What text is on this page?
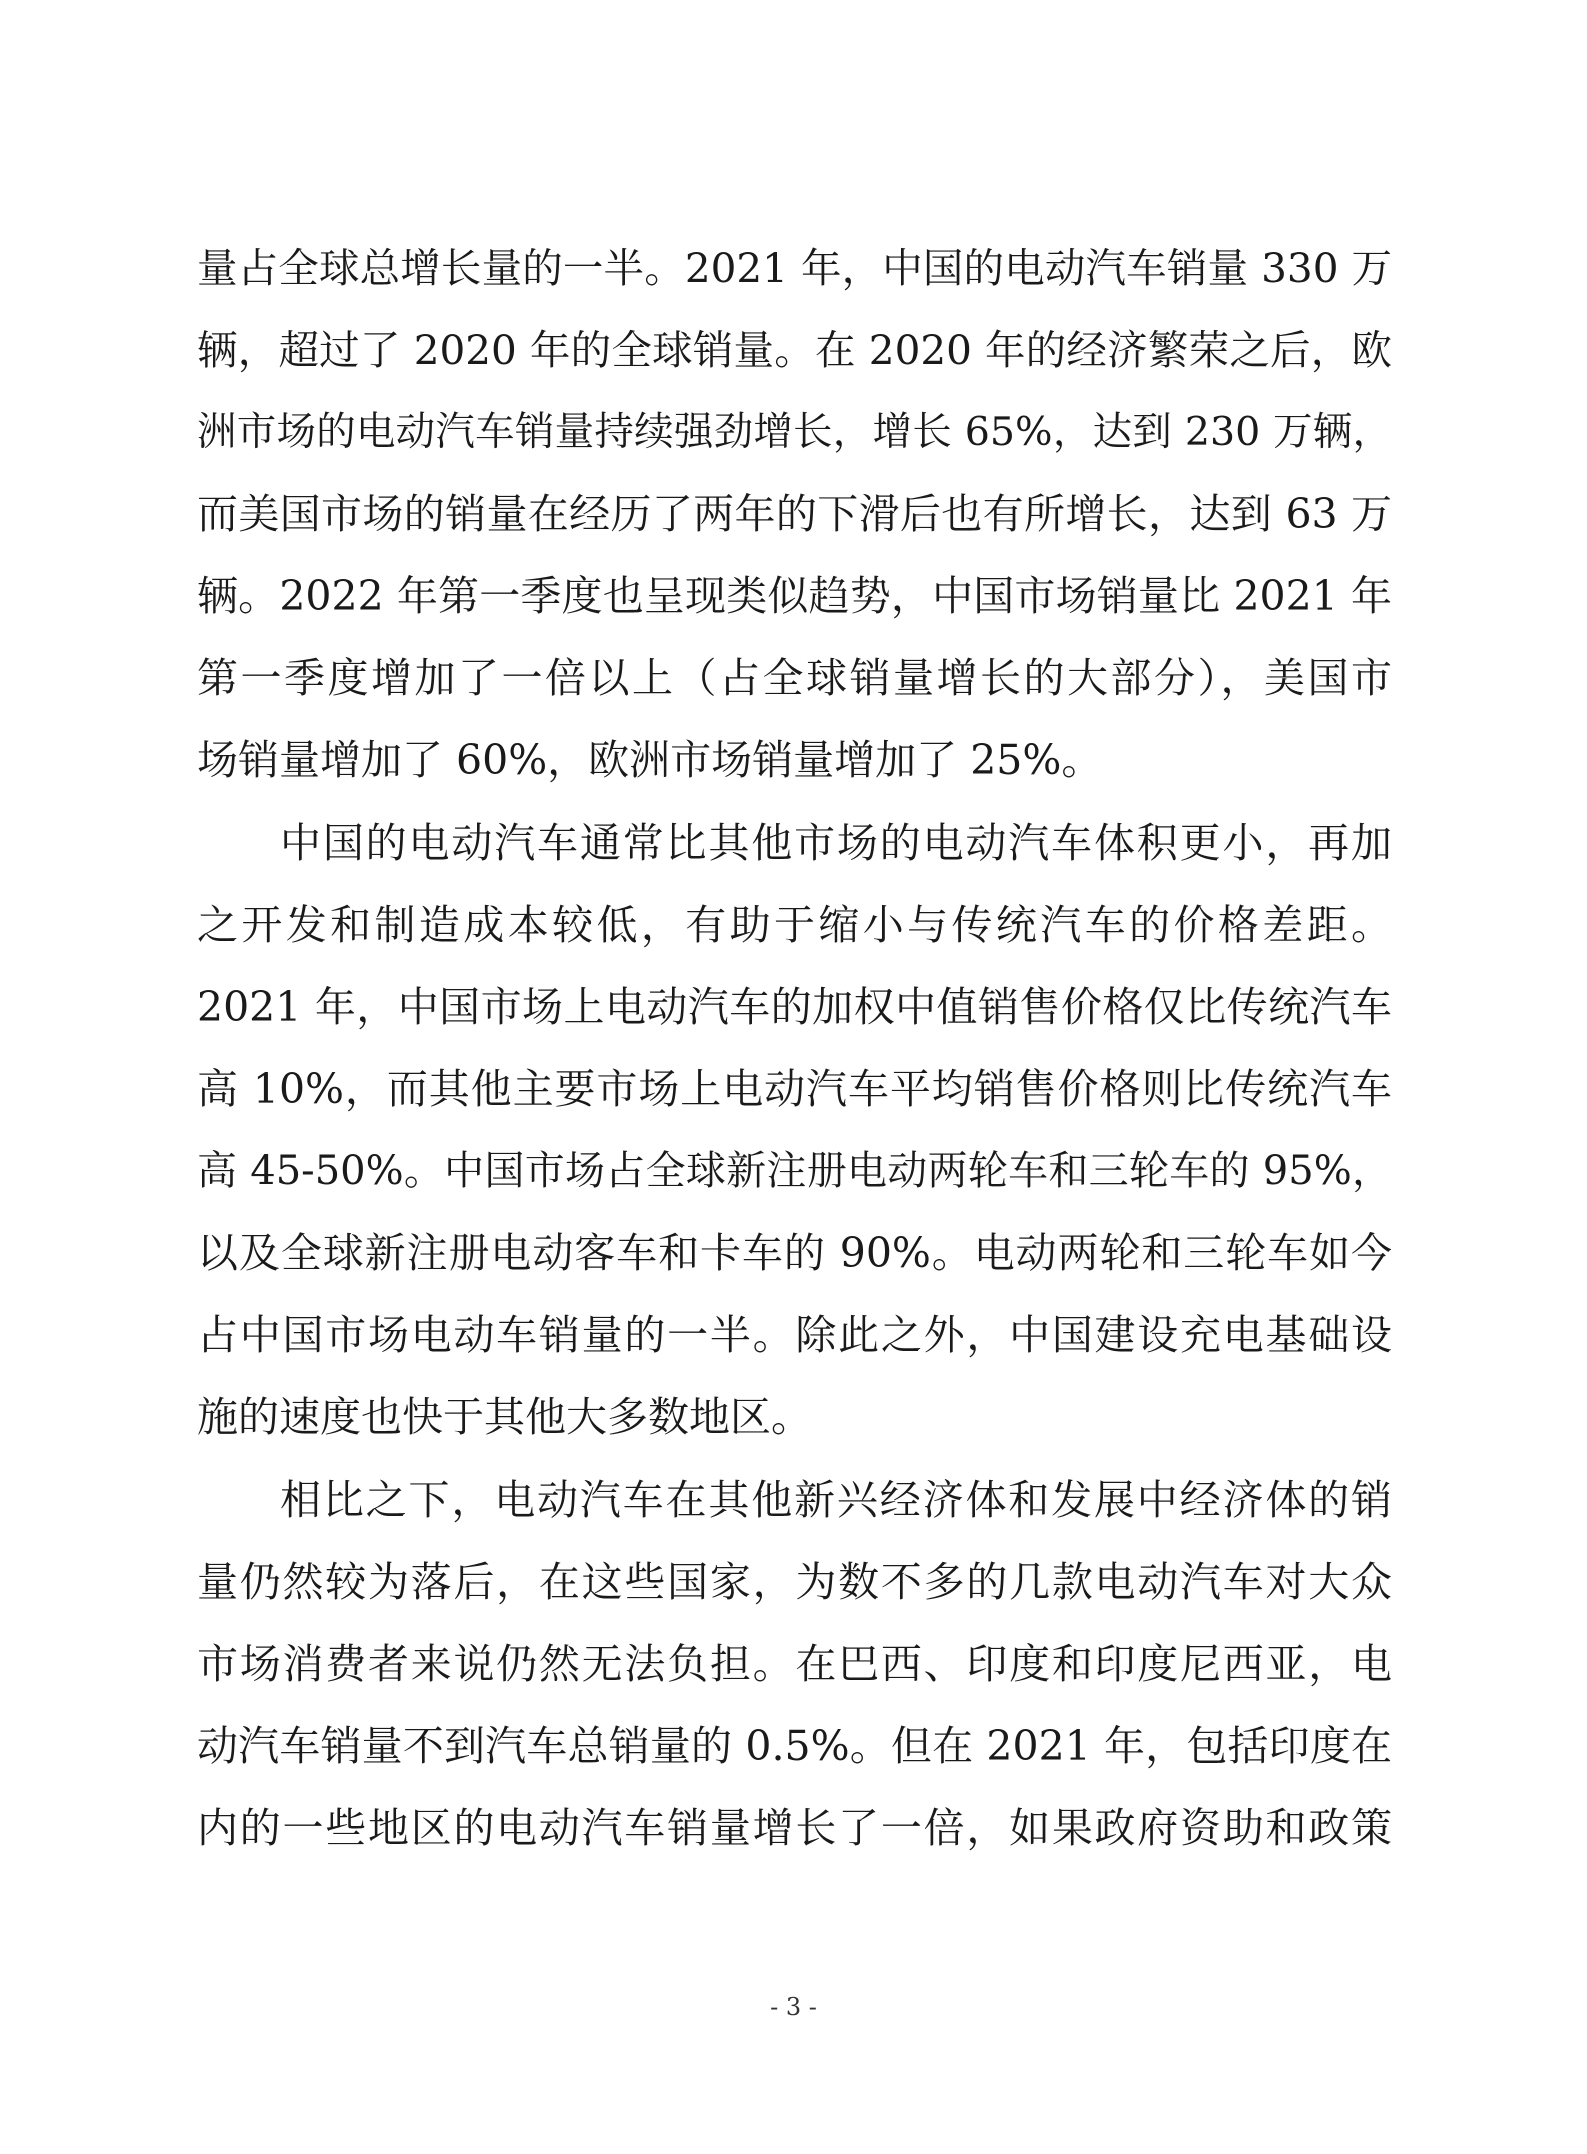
量占全球总增长量的一半。2021 年，中国的电动汽车销量 330 万
辆，超过了 2020 年的全球销量。在 2020 年的经济繁荣之后，欧
洲市场的电动汽车销量持续强劲增长，增长 65%，达到 230 万辆，
而美国市场的销量在经历了两年的下滑后也有所增长，达到 63 万
辆。2022 年第一季度也呈现类似趋势，中国市场销量比 2021 年
第一季度增加了一倍以上（占全球销量增长的大部分），美国市
场销量增加了 60%，欧洲市场销量增加了 25%。
中国的电动汽车通常比其他市场的电动汽车体积更小，再加
之开发和制造成本较低，有助于缩小与传统汽车的价格差距。
2021 年，中国市场上电动汽车的加权中值销售价格仅比传统汽车
高 10%，而其他主要市场上电动汽车平均销售价格则比传统汽车
高 45-50%。中国市场占全球新注册电动两轮车和三轮车的 95%，
以及全球新注册电动客车和卡车的 90%。电动两轮和三轮车如今
占中国市场电动车销量的一半。除此之外，中国建设充电基础设
施的速度也快于其他大多数地区。
相比之下，电动汽车在其他新兴经济体和发展中经济体的销
量仍然较为落后，在这些国家，为数不多的几款电动汽车对大众
市场消费者来说仍然无法负担。在巴西、印度和印度尼西亚，电
动汽车销量不到汽车总销量的 0.5%。但在 2021 年，包括印度在
内的一些地区的电动汽车销量增长了一倍，如果政府资助和政策
- 3 -
